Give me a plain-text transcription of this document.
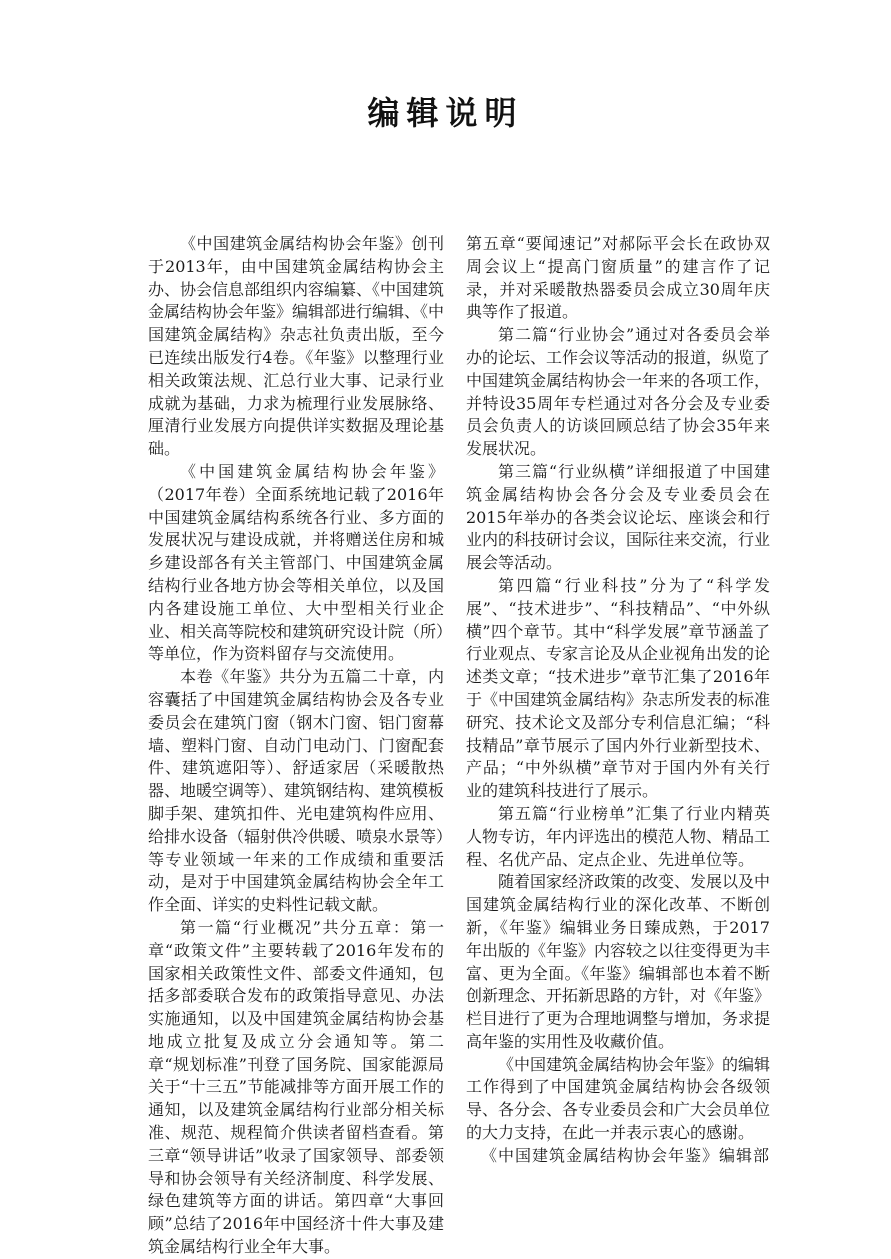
编辑说明

《中国建筑金属结构协会年鉴》创刊于2013年，由中国建筑金属结构协会主办、协会信息部组织内容编纂、《中国建筑金属结构协会年鉴》编辑部进行编辑、《中国建筑金属结构》杂志社负责出版，至今已连续出版发行4卷。《年鉴》以整理行业相关政策法规、汇总行业大事、记录行业成就为基础，力求为梳理行业发展脉络、厘清行业发展方向提供详实数据及理论基础。

《中国建筑金属结构协会年鉴》（2017年卷）全面系统地记载了2016年中国建筑金属结构系统各行业、多方面的发展状况与建设成就，并将赠送住房和城乡建设部各有关主管部门、中国建筑金属结构行业各地方协会等相关单位，以及国内各建设施工单位、大中型相关行业企业、相关高等院校和建筑研究设计院（所）等单位，作为资料留存与交流使用。

本卷《年鉴》共分为五篇二十章，内容囊括了中国建筑金属结构协会及各专业委员会在建筑门窗（钢木门窗、铝门窗幕墙、塑料门窗、自动门电动门、门窗配套件、建筑遮阳等）、舒适家居（采暖散热器、地暖空调等）、建筑钢结构、建筑模板脚手架、建筑扣件、光电建筑构件应用、给排水设备（辐射供冷供暖、喷泉水景等）等专业领域一年来的工作成绩和重要活动，是对于中国建筑金属结构协会全年工作全面、详实的史料性记载文献。

第一篇“行业概况”共分五章：第一章“政策文件”主要转载了2016年发布的国家相关政策性文件、部委文件通知，包括多部委联合发布的政策指导意见、办法实施通知，以及中国建筑金属结构协会基地成立批复及成立分会通知等。第二章“规划标准”刊登了国务院、国家能源局关于“十三五”节能减排等方面开展工作的通知，以及建筑金属结构行业部分相关标准、规范、规程简介供读者留档查看。第三章“领导讲话”收录了国家领导、部委领导和协会领导有关经济制度、科学发展、绿色建筑等方面的讲话。第四章“大事回顾”总结了2016年中国经济十件大事及建筑金属结构行业全年大事。

第五章“要闻速记”对郝际平会长在政协双周会议上“提高门窗质量”的建言作了记录，并对采暖散热器委员会成立30周年庆典等作了报道。

第二篇“行业协会”通过对各委员会举办的论坛、工作会议等活动的报道，纵览了中国建筑金属结构协会一年来的各项工作，并特设35周年专栏通过对各分会及专业委员会负责人的访谈回顾总结了协会35年来发展状况。

第三篇“行业纵横”详细报道了中国建筑金属结构协会各分会及专业委员会在2015年举办的各类会议论坛、座谈会和行业内的科技研讨会议，国际往来交流，行业展会等活动。

第四篇“行业科技”分为了“科学发展”、“技术进步”、“科技精品”、“中外纵横”四个章节。其中“科学发展”章节涵盖了行业观点、专家言论及从企业视角出发的论述类文章；“技术进步”章节汇集了2016年于《中国建筑金属结构》杂志所发表的标准研究、技术论文及部分专利信息汇编；“科技精品”章节展示了国内外行业新型技术、产品；“中外纵横”章节对于国内外有关行业的建筑科技进行了展示。

第五篇“行业榜单”汇集了行业内精英人物专访，年内评选出的模范人物、精品工程、名优产品、定点企业、先进单位等。

随着国家经济政策的改变、发展以及中国建筑金属结构行业的深化改革、不断创新，《年鉴》编辑业务日臻成熟，于2017年出版的《年鉴》内容较之以往变得更为丰富、更为全面。《年鉴》编辑部也本着不断创新理念、开拓新思路的方针，对《年鉴》栏目进行了更为合理地调整与增加，务求提高年鉴的实用性及收藏价值。

《中国建筑金属结构协会年鉴》的编辑工作得到了中国建筑金属结构协会各级领导、各分会、各专业委员会和广大会员单位的大力支持，在此一并表示衷心的感谢。

《中国建筑金属结构协会年鉴》编辑部
